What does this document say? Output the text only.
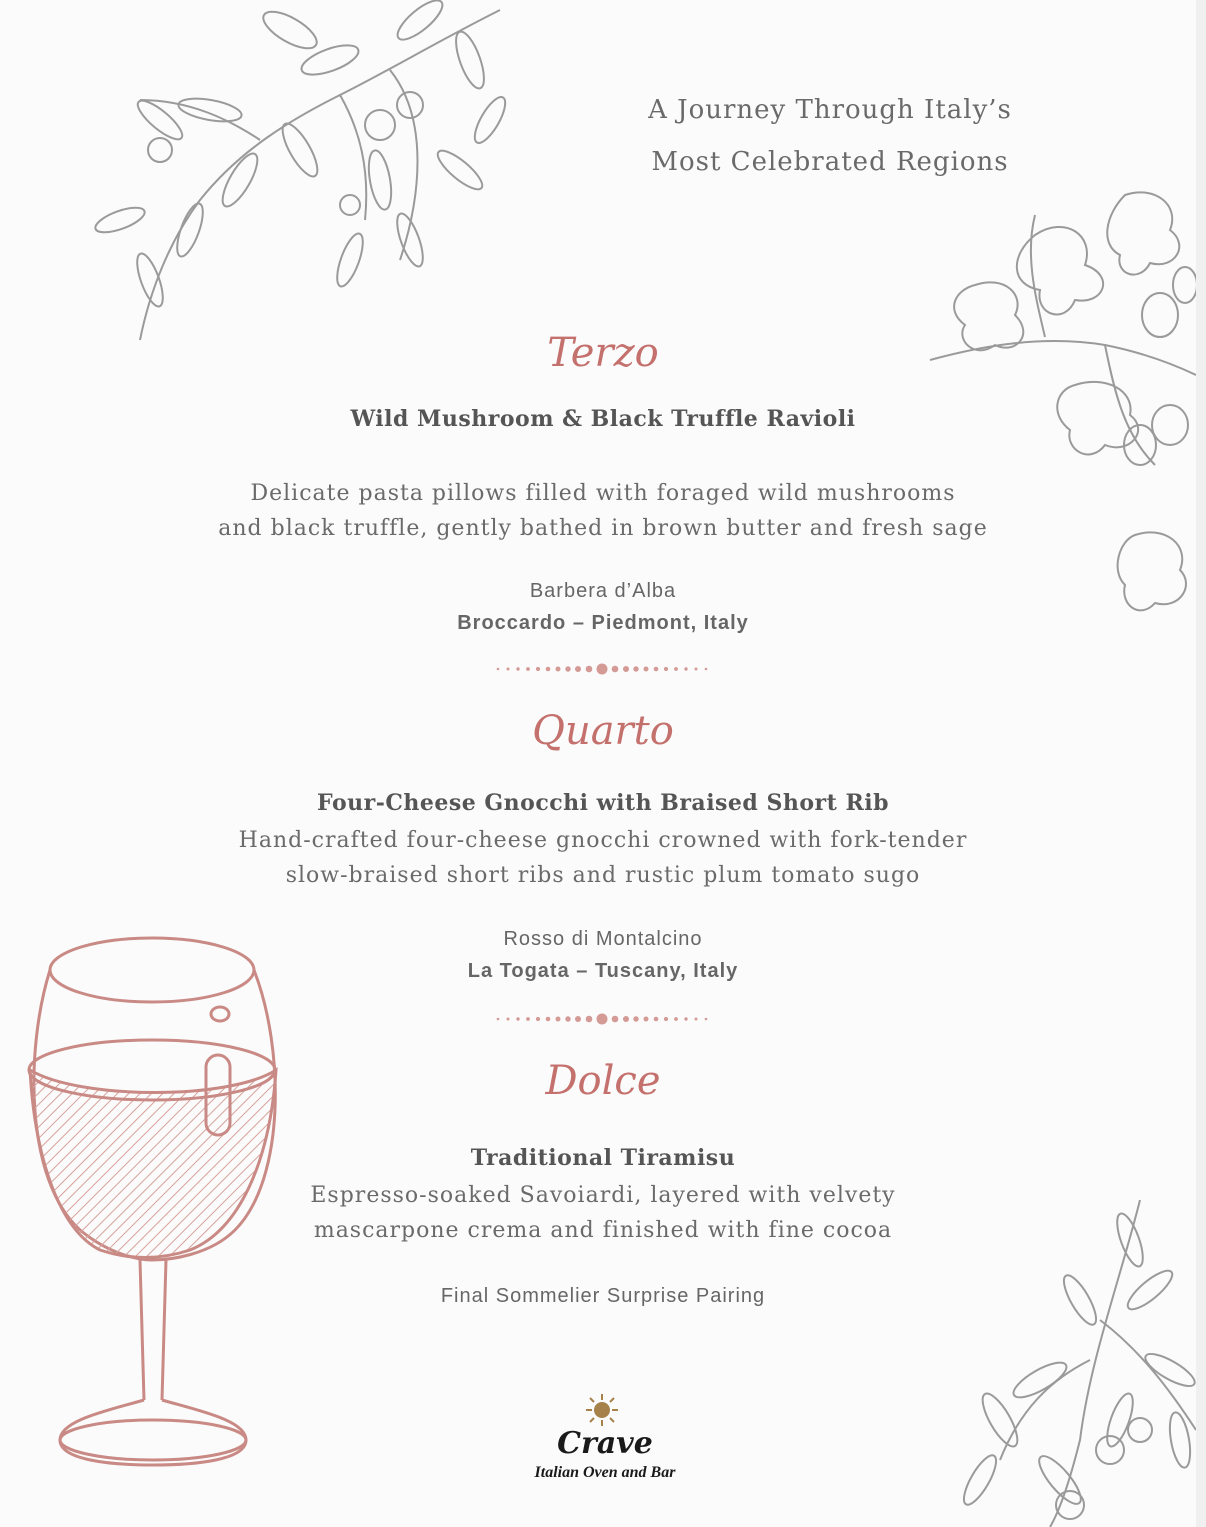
A Journey Through Italy’s
Most Celebrated Regions
Terzo
Wild Mushroom & Black Truffle Ravioli
Delicate pasta pillows filled with foraged wild mushrooms
and black truffle, gently bathed in brown butter and fresh sage
Barbera d’Alba
Broccardo – Piedmont, Italy
Quarto
Four-Cheese Gnocchi with Braised Short Rib
Hand-crafted four-cheese gnocchi crowned with fork-tender
slow-braised short ribs and rustic plum tomato sugo
Rosso di Montalcino
La Togata – Tuscany, Italy
Dolce
Traditional Tiramisu
Espresso-soaked Savoiardi, layered with velvety
mascarpone crema and finished with fine cocoa
Final Sommelier Surprise Pairing
Crave
Italian Oven and Bar
